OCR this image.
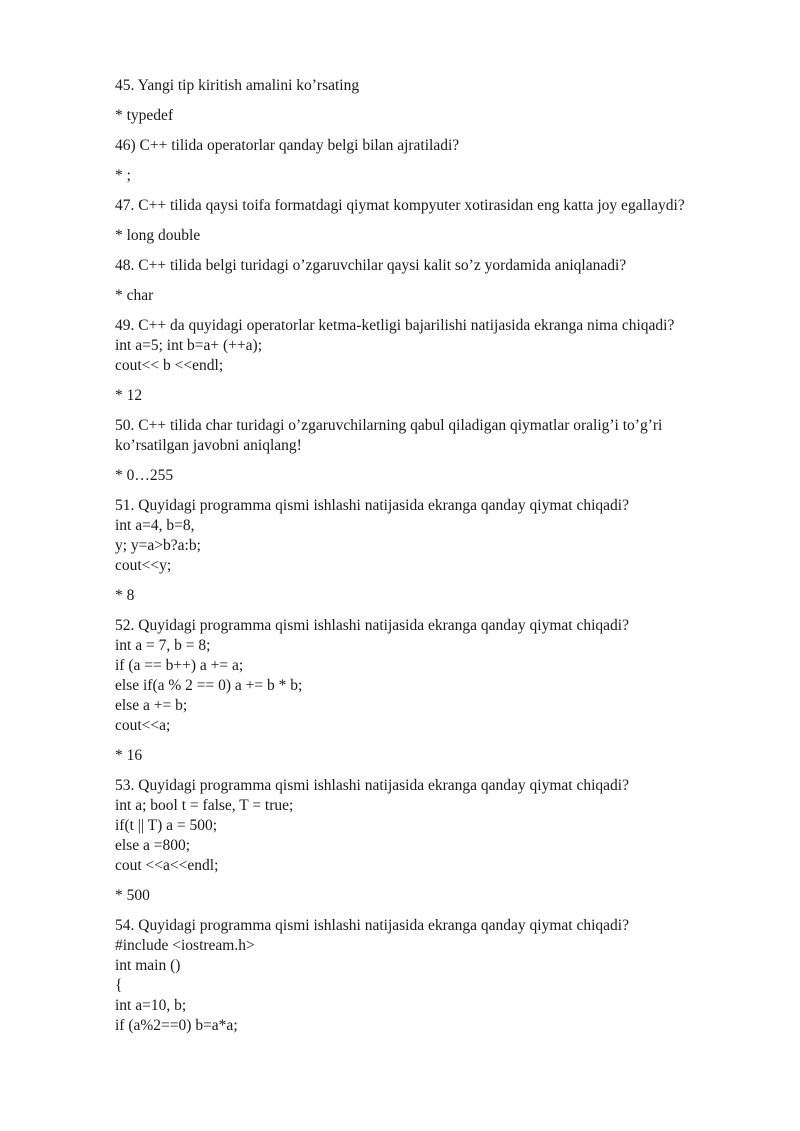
45. Yangi tip kiritish amalini ko’rsating
* typedef
46) C++ tilida operatorlar qanday belgi bilan ajratiladi?
* ;
47. C++ tilida qaysi toifa formatdagi qiymat kompyuter xotirasidan eng katta joy egallaydi?
* long double
48. C++ tilida belgi turidagi o’zgaruvchilar qaysi kalit so’z yordamida aniqlanadi?
* char
49. C++ da quyidagi operatorlar ketma-ketligi bajarilishi natijasida ekranga nima chiqadi?
int a=5; int b=a+ (++a);
cout<< b <<endl;
* 12
50. C++ tilida char turidagi o’zgaruvchilarning qabul qiladigan qiymatlar oralig’i to’g’ri
ko’rsatilgan javobni aniqlang!
* 0…255
51. Quyidagi programma qismi ishlashi natijasida ekranga qanday qiymat chiqadi?
int a=4, b=8,
y; y=a>b?a:b;
cout<<y;
* 8
52. Quyidagi programma qismi ishlashi natijasida ekranga qanday qiymat chiqadi?
int a = 7, b = 8;
if (a == b++) a += a;
else if(a % 2 == 0) a += b * b;
else a += b;
cout<<a;
* 16
53. Quyidagi programma qismi ishlashi natijasida ekranga qanday qiymat chiqadi?
int a; bool t = false, T = true;
if(t || T) a = 500;
else a =800;
cout <<a<<endl;
* 500
54. Quyidagi programma qismi ishlashi natijasida ekranga qanday qiymat chiqadi?
#include <iostream.h>
int main ()
{
int a=10, b;
if (a%2==0) b=a*a;
